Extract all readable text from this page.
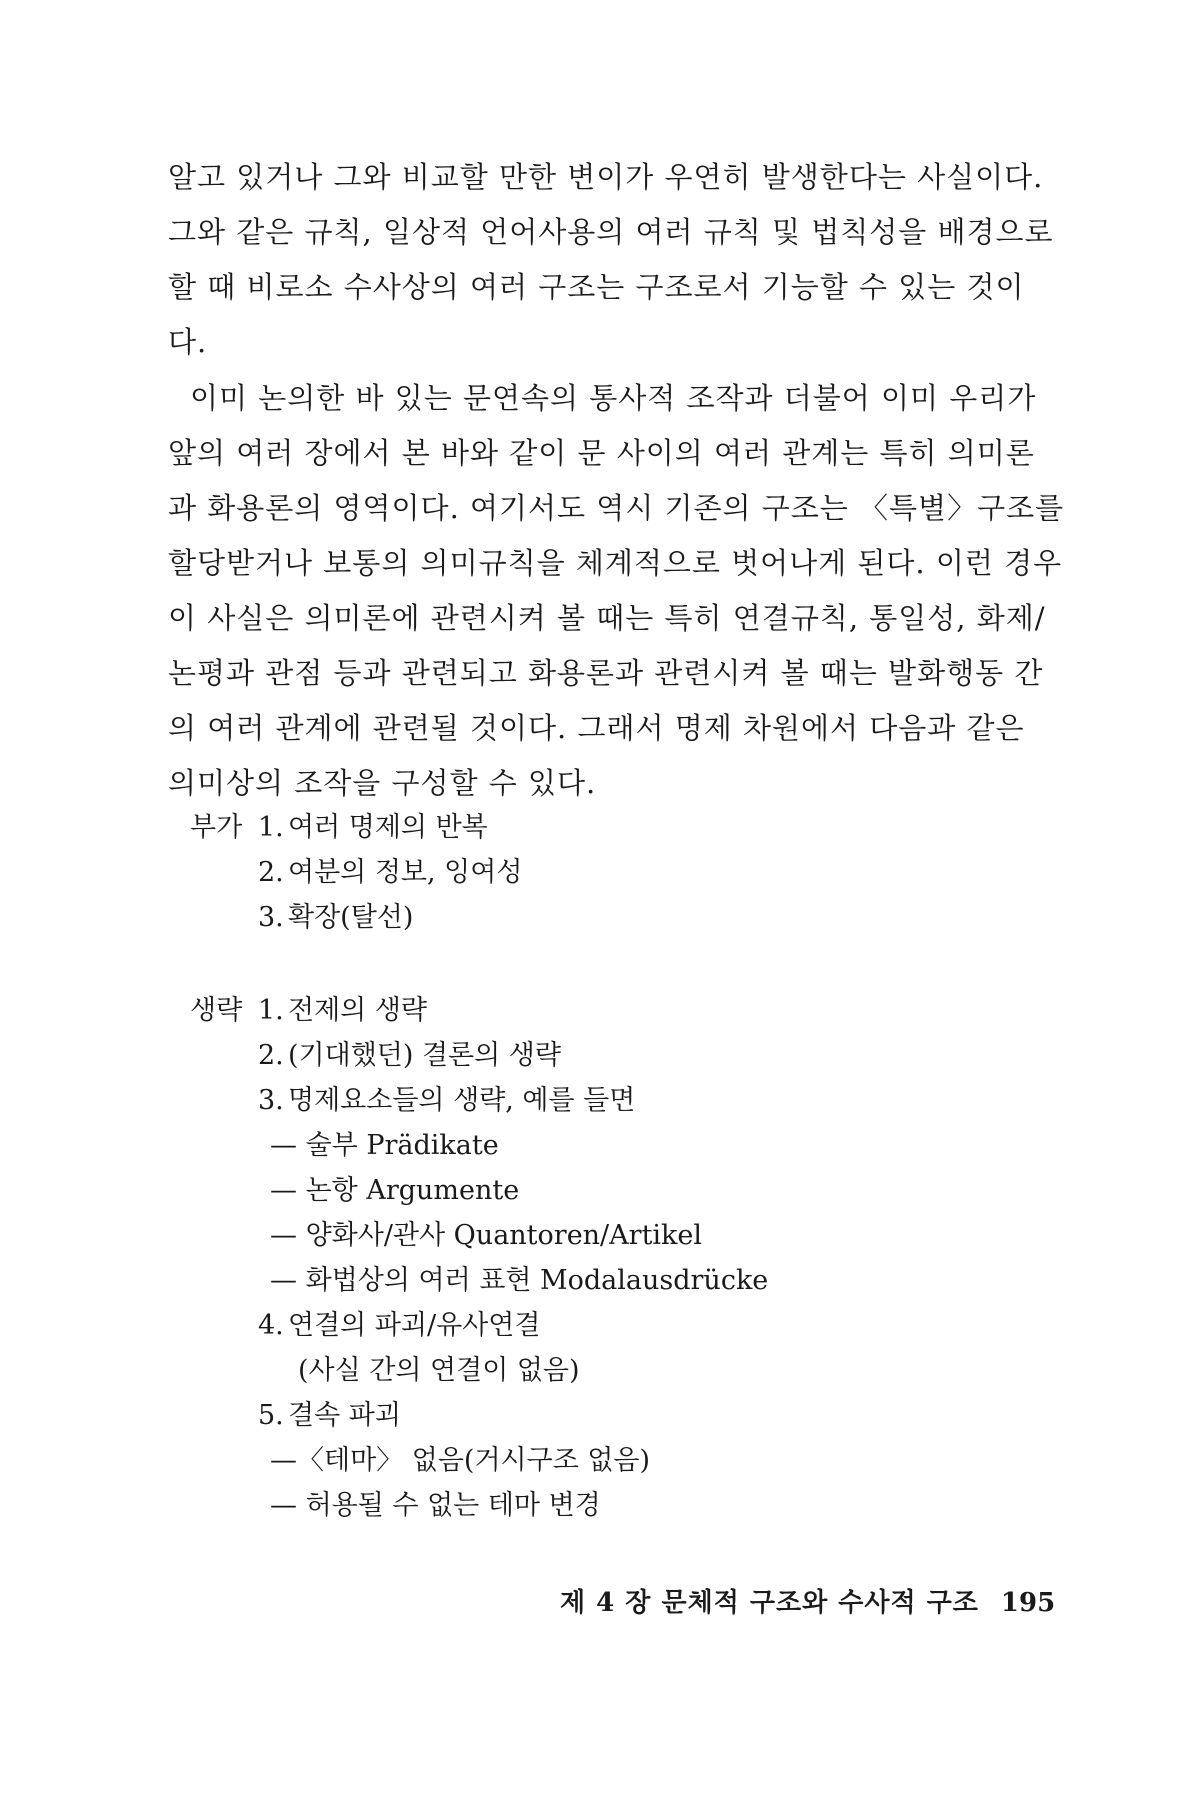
알고 있거나 그와 비교할 만한 변이가 우연히 발생한다는 사실이다.
그와 같은 규칙, 일상적 언어사용의 여러 규칙 및 법칙성을 배경으로
할 때 비로소 수사상의 여러 구조는 구조로서 기능할 수 있는 것이
다.
이미 논의한 바 있는 문연속의 통사적 조작과 더불어 이미 우리가
앞의 여러 장에서 본 바와 같이 문 사이의 여러 관계는 특히 의미론
과 화용론의 영역이다. 여기서도 역시 기존의 구조는 〈특별〉구조를
할당받거나 보통의 의미규칙을 체계적으로 벗어나게 된다. 이런 경우
이 사실은 의미론에 관련시켜 볼 때는 특히 연결규칙, 통일성, 화제/
논평과 관점 등과 관련되고 화용론과 관련시켜 볼 때는 발화행동 간
의 여러 관계에 관련될 것이다. 그래서 명제 차원에서 다음과 같은
의미상의 조작을 구성할 수 있다.
부가 1. 여러 명제의 반복
2. 여분의 정보, 잉여성
3. 확장(탈선)
생략 1. 전제의 생략
2. (기대했던) 결론의 생략
3. 명제요소들의 생략, 예를 들면
— 술부 Prädikate
— 논항 Argumente
— 양화사/관사 Quantoren/Artikel
— 화법상의 여러 표현 Modalausdrücke
4. 연결의 파괴/유사연결
(사실 간의 연결이 없음)
5. 결속 파괴
—〈테마〉 없음(거시구조 없음)
— 허용될 수 없는 테마 변경
제 4 장 문체적 구조와 수사적 구조 195
